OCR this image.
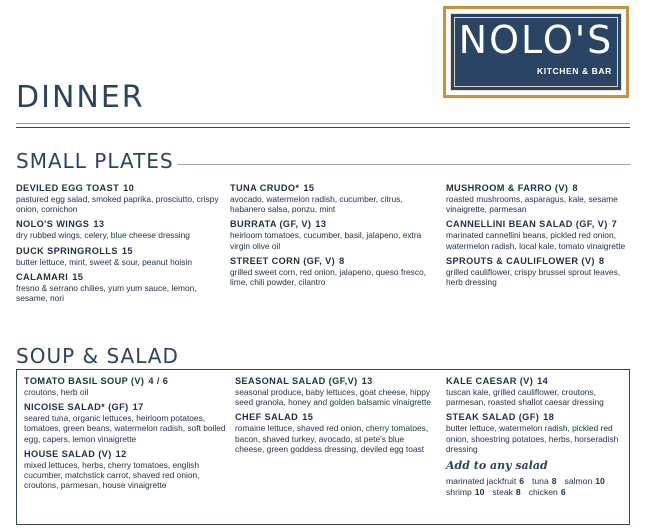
NOLO'S
KITCHEN & BAR
DINNER
SMALL PLATES
DEVILED EGG TOAST 10
pastured egg salad, smoked paprika, prosciutto, crispy onion, cornichon
NOLO'S WINGS 13
dry rubbed wings, celery, blue cheese dressing
DUCK SPRINGROLLS 15
butter lettuce, mint, sweet & sour, peanut hoisin
CALAMARI 15
fresno & serrano chilies, yum yum sauce, lemon, sesame, nori
TUNA CRUDO* 15
avocado, watermelon radish, cucumber, citrus, habanero salsa, ponzu, mint
BURRATA (GF, V) 13
heirloom tomatoes, cucumber, basil, jalapeno, extra virgin olive oil
STREET CORN (GF, V) 8
grilled sweet corn, red onion, jalapeno, queso fresco, lime, chili powder, cilantro
MUSHROOM & FARRO (V) 8
roasted mushrooms, asparagus, kale, sesame vinaigrette, parmesan
CANNELLINI BEAN SALAD (GF, V) 7
marinated cannellini beans, pickled red onion, watermelon radish, local kale, tomato vinaigrette
SPROUTS & CAULIFLOWER (V) 8
grilled cauliflower, crispy brussel sprout leaves, herb dressing
SOUP & SALAD
TOMATO BASIL SOUP (V) 4 / 6
croutons, herb oil
NICOISE SALAD* (GF) 17
seared tuna, organic lettuces, heirloom potatoes, tomatoes, green beans, watermelon radish, soft boiled egg, capers, lemon vinaigrette
HOUSE SALAD (V) 12
mixed lettuces, herbs, cherry tomatoes, english cucumber, matchstick carrot, shaved red onion, croutons, parmesan, house vinaigrette
SEASONAL SALAD (GF,V) 13
seasonal produce, baby lettuces, goat cheese, hippy seed granola, honey and golden balsamic vinaigrette
CHEF SALAD 15
romaine lettuce, shaved red onion, cherry tomatoes, bacon, shaved turkey, avocado, st pete's blue cheese, green goddess dressing, deviled egg toast
KALE CAESAR (V) 14
tuscan kale, grilled cauliflower, croutons, parmesan, roasted shallot caesar dressing
STEAK SALAD (GF) 18
butter lettuce, watermelon radish, pickled red onion, shoestring potatoes, herbs, horseradish dressing
Add to any salad
marinated jackfruit 6 tuna 8 salmon 10
shrimp 10 steak 8 chicken 6
